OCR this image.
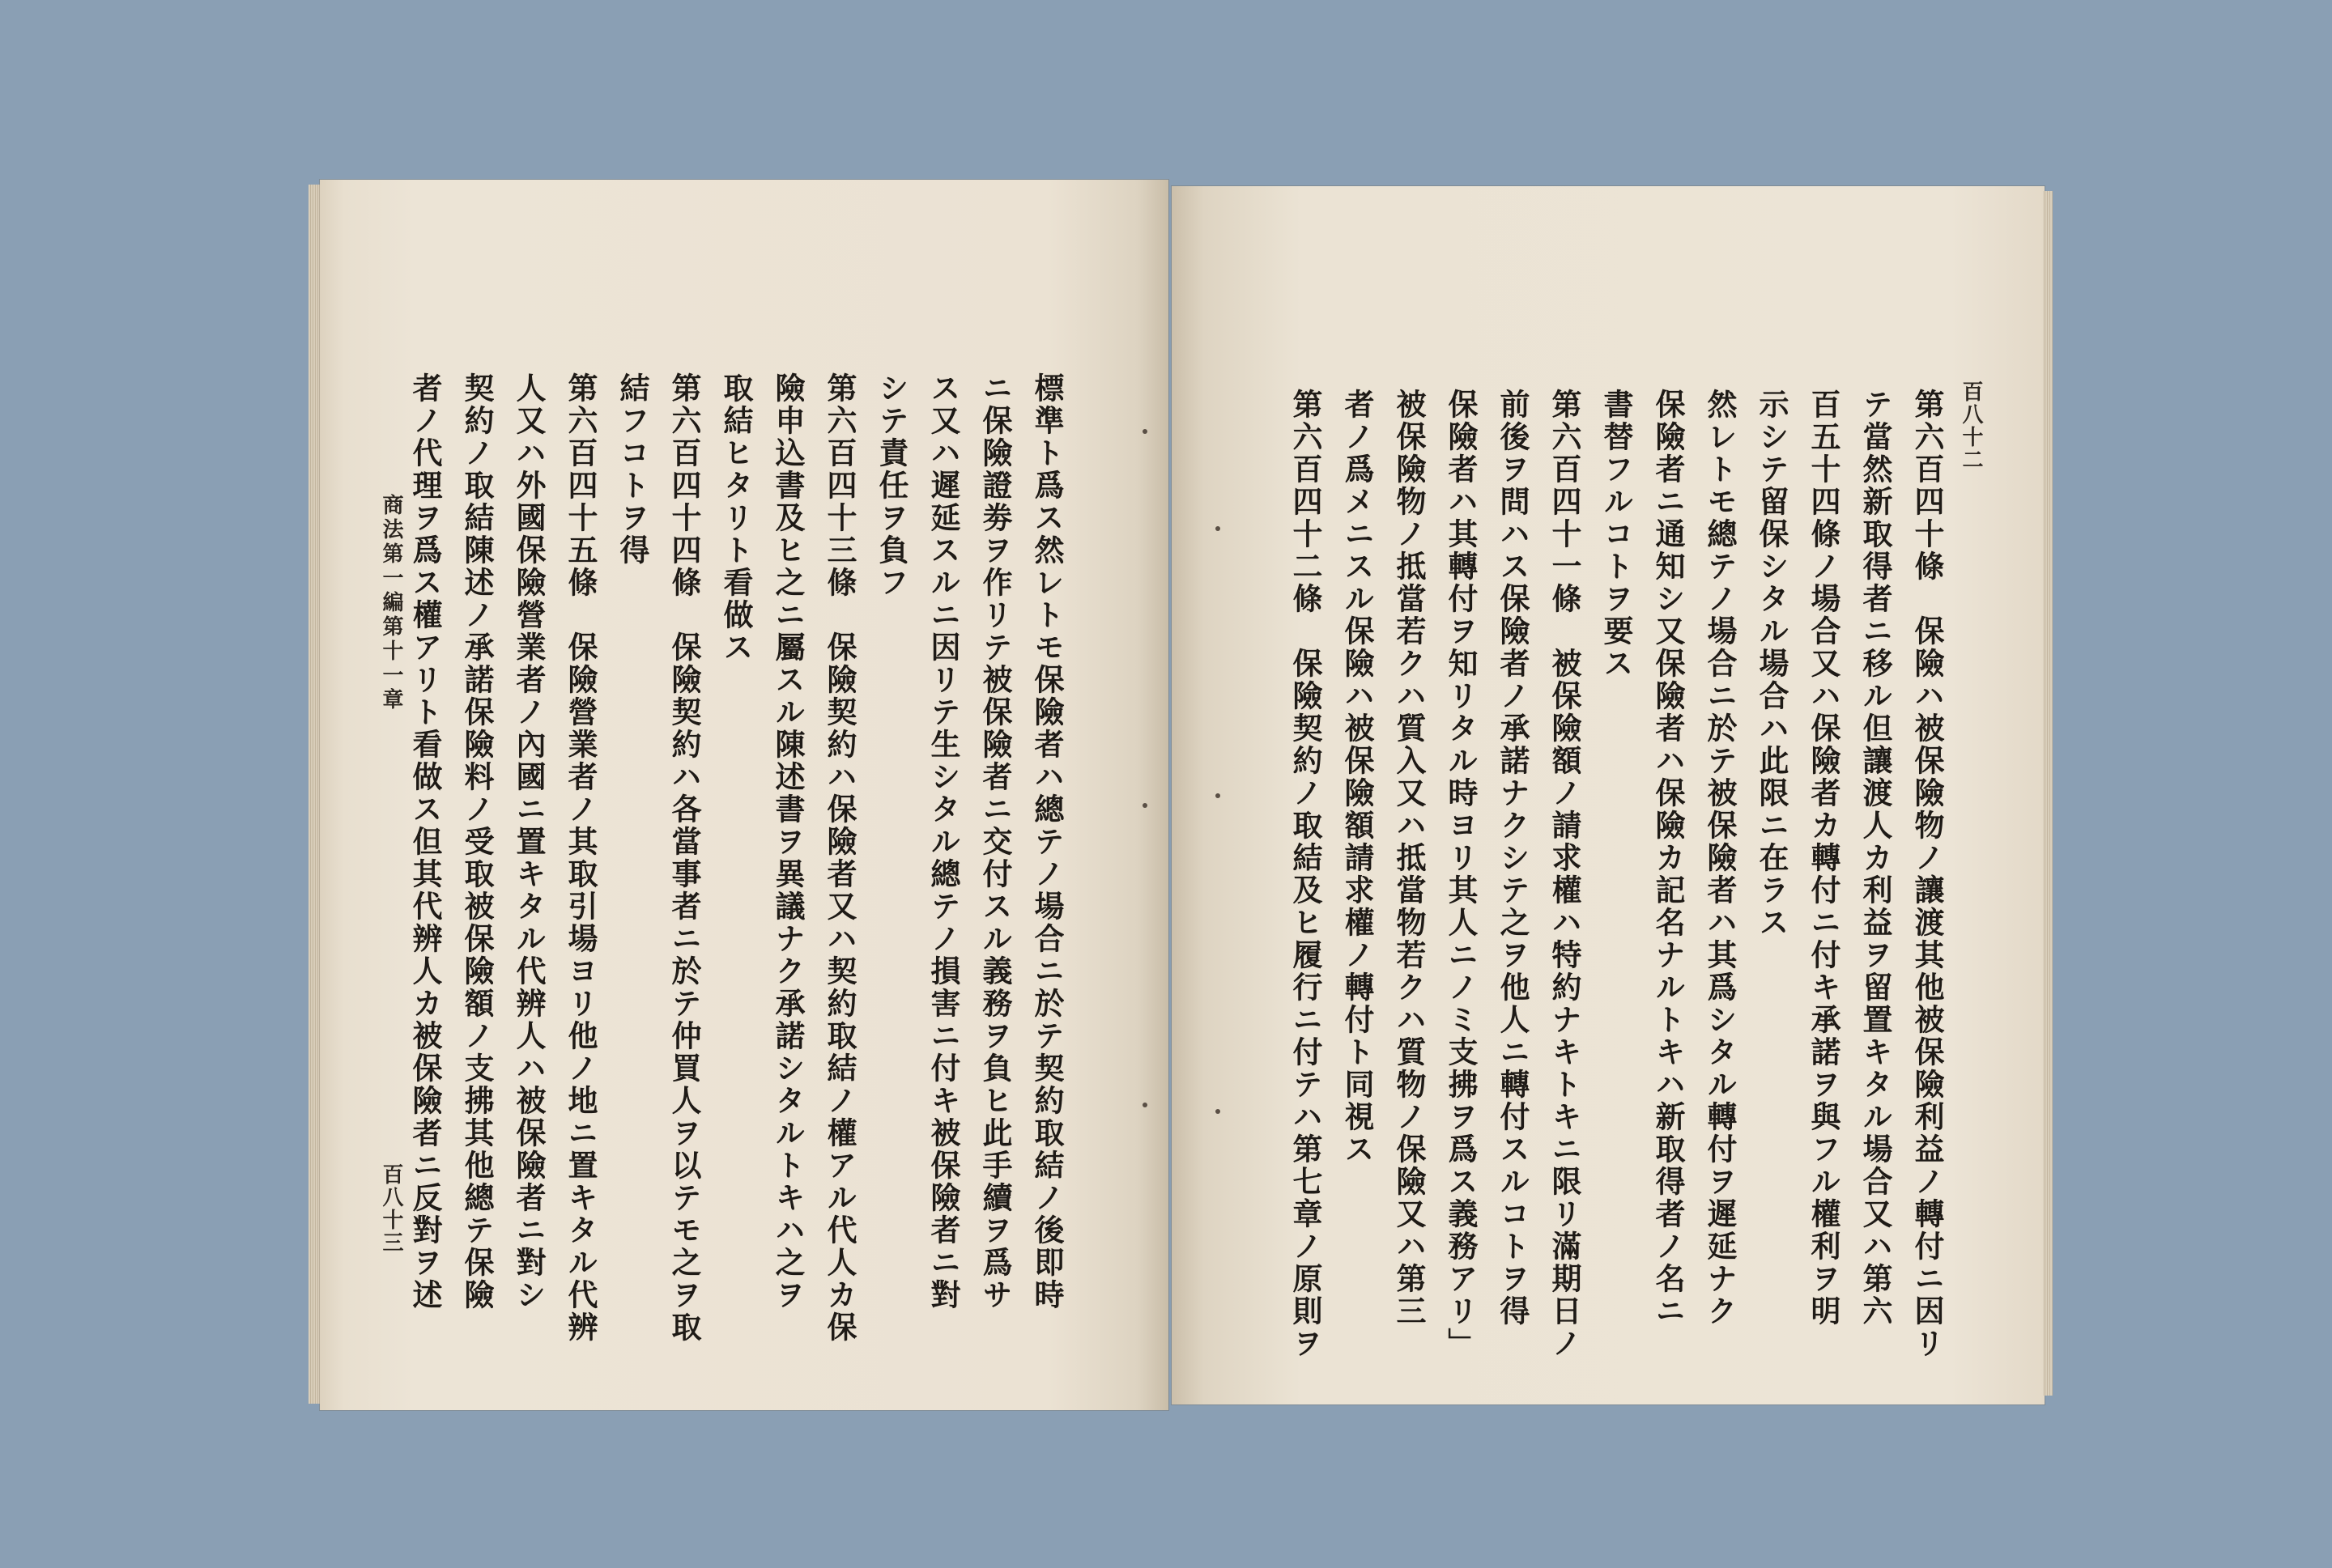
標準ト爲ス然レトモ保險者ハ總テノ場合ニ於テ契約取結ノ後即時
ニ保險證劵ヲ作リテ被保險者ニ交付スル義務ヲ負ヒ此手續ヲ爲サ
ス又ハ遲延スルニ因リテ生シタル總テノ損害ニ付キ被保險者ニ對
シテ責任ヲ負フ
第六百四十三條　保險契約ハ保險者又ハ契約取結ノ權アル代人カ保
險申込書及ヒ之ニ屬スル陳述書ヲ異議ナク承諾シタルトキハ之ヲ
取結ヒタリト看做ス
第六百四十四條　保險契約ハ各當事者ニ於テ仲買人ヲ以テモ之ヲ取
結フコトヲ得
第六百四十五條　保險營業者ノ其取引場ヨリ他ノ地ニ置キタル代辨
人又ハ外國保險營業者ノ內國ニ置キタル代辨人ハ被保險者ニ對シ
契約ノ取結陳述ノ承諾保險料ノ受取被保險額ノ支拂其他總テ保險
者ノ代理ヲ爲ス權アリト看做ス但其代辨人カ被保險者ニ反對ヲ述
商法第一編第十一章
百八十三	第六百四十條　保險ハ被保險物ノ讓渡其他被保險利益ノ轉付ニ因リ
テ當然新取得者ニ移ル但讓渡人カ利益ヲ留置キタル場合又ハ第六
百五十四條ノ場合又ハ保險者カ轉付ニ付キ承諾ヲ與フル權利ヲ明
示シテ留保シタル場合ハ此限ニ在ラス
然レトモ總テノ場合ニ於テ被保險者ハ其爲シタル轉付ヲ遲延ナク
保險者ニ通知シ又保險者ハ保險カ記名ナルトキハ新取得者ノ名ニ
書替フルコトヲ要ス
第六百四十一條　被保險額ノ請求權ハ特約ナキトキニ限リ滿期日ノ
前後ヲ問ハス保險者ノ承諾ナクシテ之ヲ他人ニ轉付スルコトヲ得
保險者ハ其轉付ヲ知リタル時ヨリ其人ニノミ支拂ヲ爲ス義務アリ」
被保險物ノ抵當若クハ質入又ハ抵當物若クハ質物ノ保險又ハ第三
者ノ爲メニスル保險ハ被保險額請求權ノ轉付ト同視ス
第六百四十二條　保險契約ノ取結及ヒ履行ニ付テハ第七章ノ原則ヲ	百八十二
